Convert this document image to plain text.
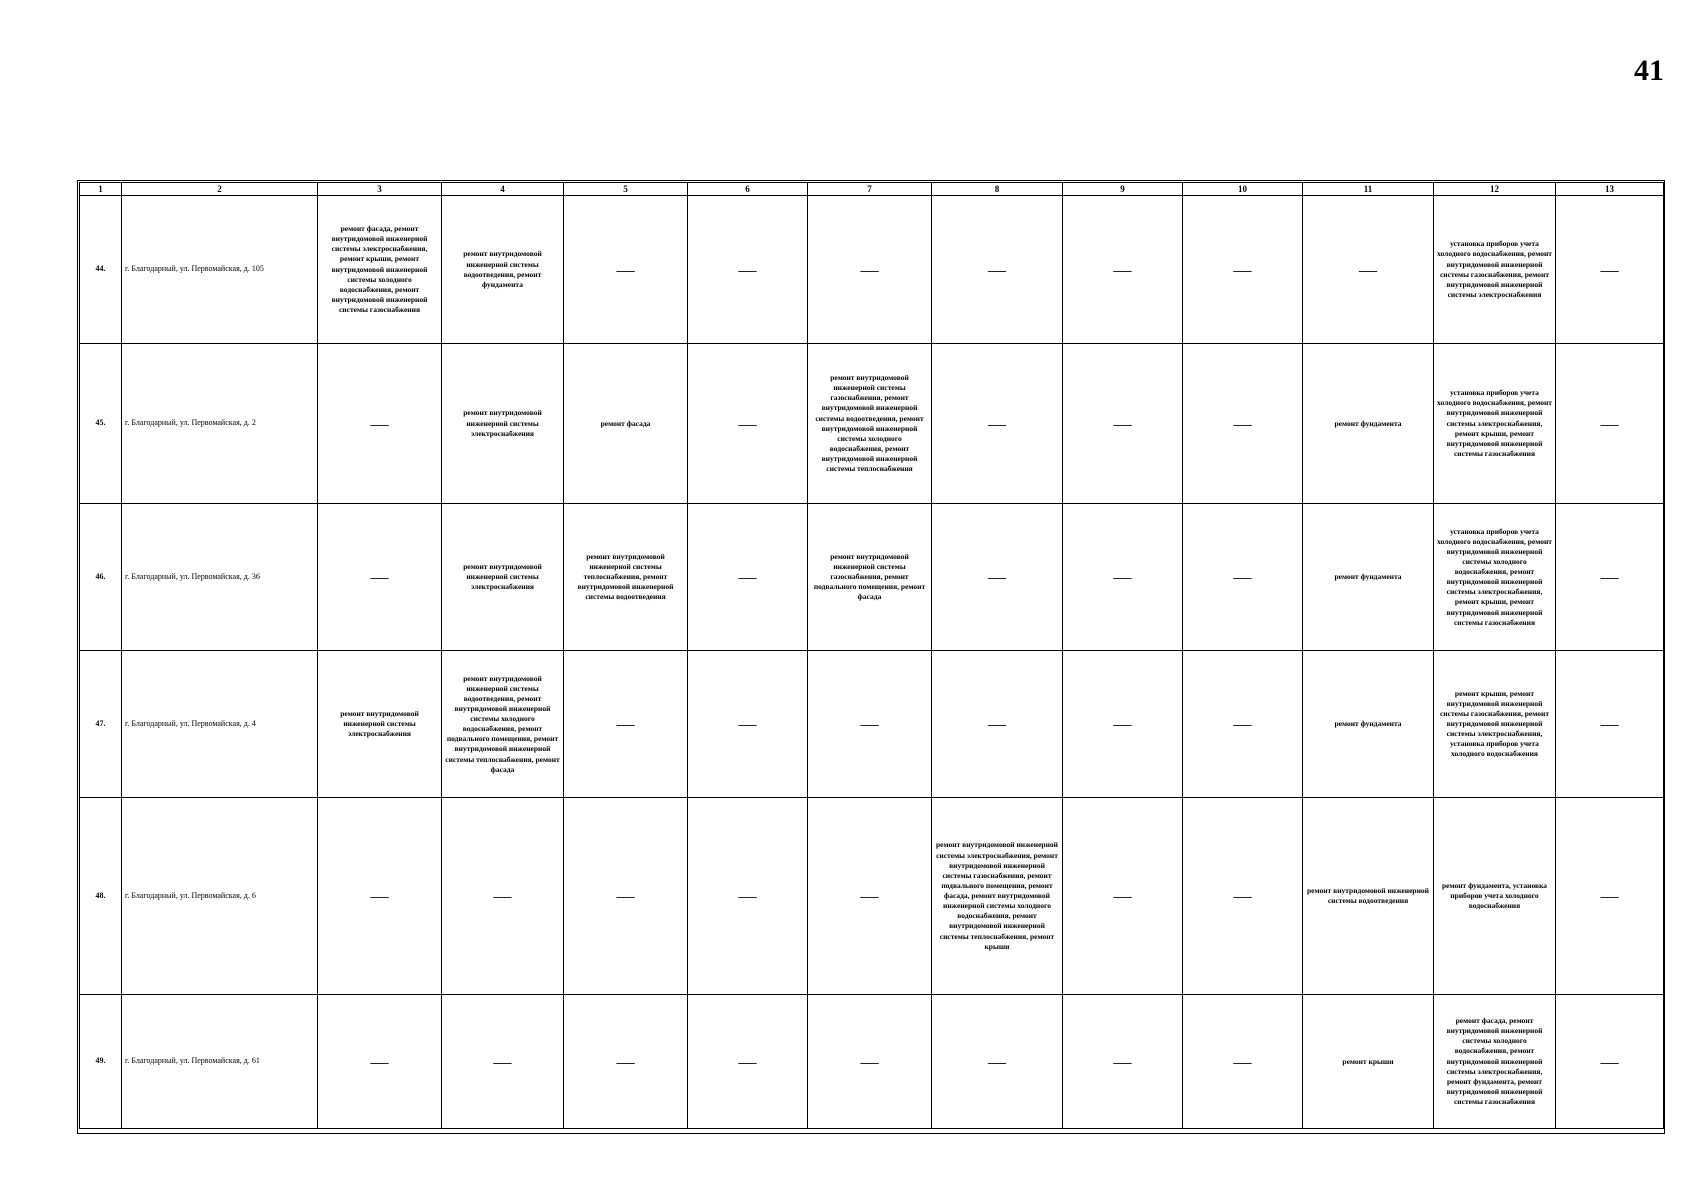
41
1	2	3	4	5	6	7	8	9	10	11	12	13
44.	г. Благодарный, ул. Первомайская, д. 105	ремонт фасада, ремонт внутридомовой инженерной системы электроснабжения, ремонт крыши, ремонт внутридомовой инженерной системы холодного водоснабжения, ремонт внутридомовой инженерной системы газоснабжения	ремонт внутридомовой инженерной системы водоотведения, ремонт фундамента	—	—	—	—	—	—	—	установка приборов учета холодного водоснабжения, ремонт внутридомовой инженерной системы газоснабжения, ремонт внутридомовой инженерной системы электроснабжения	—
45.	г. Благодарный, ул. Первомайская, д. 2	—	ремонт внутридомовой инженерной системы электроснабжения	ремонт фасада	—	ремонт внутридомовой инженерной системы газоснабжения, ремонт внутридомовой инженерной системы водоотведения, ремонт внутридомовой инженерной системы холодного водоснабжения, ремонт внутридомовой инженерной системы теплоснабжения	—	—	—	ремонт фундамента	установка приборов учета холодного водоснабжения, ремонт внутридомовой инженерной системы электроснабжения, ремонт крыши, ремонт внутридомовой инженерной системы газоснабжения	—
46.	г. Благодарный, ул. Первомайская, д. 36	—	ремонт внутридомовой инженерной системы электроснабжения	ремонт внутридомовой инженерной системы теплоснабжения, ремонт внутридомовой инженерной системы водоотведения	—	ремонт внутридомовой инженерной системы газоснабжения, ремонт подвального помещения, ремонт фасада	—	—	—	ремонт фундамента	установка приборов учета холодного водоснабжения, ремонт внутридомовой инженерной системы холодного водоснабжения, ремонт внутридомовой инженерной системы электроснабжения, ремонт крыши, ремонт внутридомовой инженерной системы газоснабжения	—
47.	г. Благодарный, ул. Первомайская, д. 4	ремонт внутридомовой инженерной системы электроснабжения	ремонт внутридомовой инженерной системы водоотведения, ремонт внутридомовой инженерной системы холодного водоснабжения, ремонт подвального помещения, ремонт внутридомовой инженерной системы теплоснабжения, ремонт фасада	—	—	—	—	—	—	ремонт фундамента	ремонт крыши, ремонт внутридомовой инженерной системы газоснабжения, ремонт внутридомовой инженерной системы электроснабжения, установка приборов учета холодного водоснабжения	—
48.	г. Благодарный, ул. Первомайская, д. 6	—	—	—	—	—	ремонт внутридомовой инженерной системы электроснабжения, ремонт внутридомовой инженерной системы газоснабжения, ремонт подвального помещения, ремонт фасада, ремонт внутридомовой инженерной системы холодного водоснабжения, ремонт внутридомовой инженерной системы теплоснабжения, ремонт крыши	—	—	ремонт внутридомовой инженерной системы водоотведения	ремонт фундамента, установка приборов учета холодного водоснабжения	—
49.	г. Благодарный, ул. Первомайская, д. 61	—	—	—	—	—	—	—	—	ремонт крыши	ремонт фасада, ремонт внутридомовой инженерной системы холодного водоснабжения, ремонт внутридомовой инженерной системы электроснабжения, ремонт фундамента, ремонт внутридомовой инженерной системы газоснабжения	—
